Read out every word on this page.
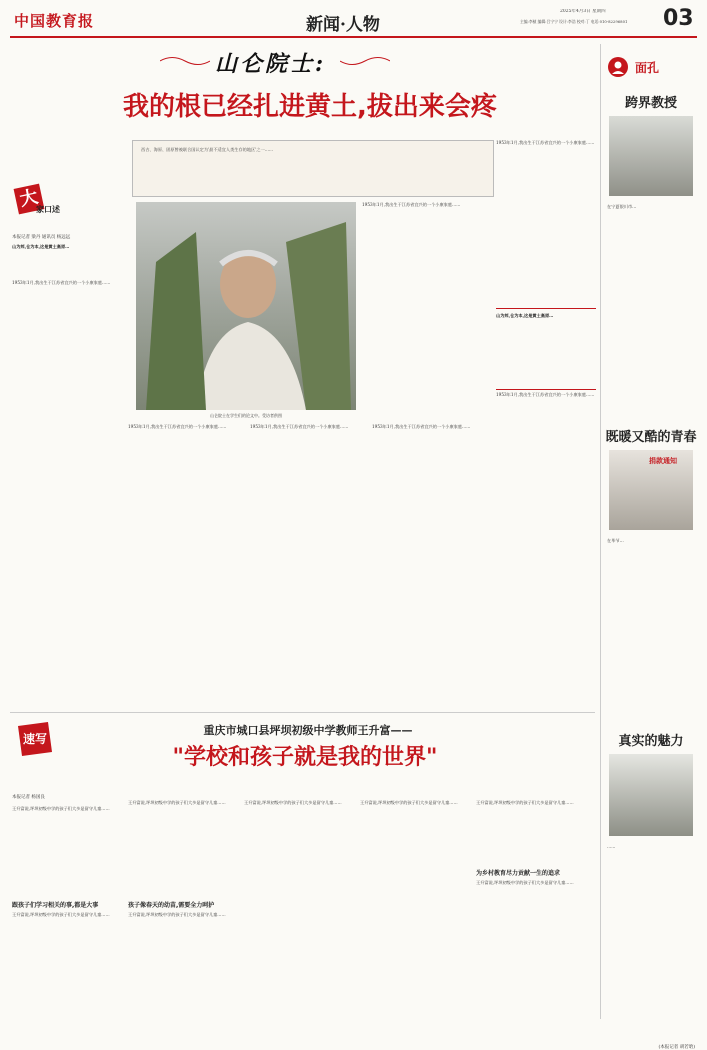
中国教育报	新闻·人物
2025年4月3日 星期四
主编:李桢 编辑:吕宁宁 设计:李浩 校对:丁 电话:010-82296801	03
山仑院士:
我的根已经扎进黄土,拔出来会疼
大
家口述
本报记者 梁丹 通讯员 杨远远
山为邦,仓为本,这是黄土高原…
1953年1月,我出生于江苏省宜兴的一个小康家庭……
西吉、海原、固原曾被联合国认定为'最不适宜人类生存的地区'之一……
山仑院士在学生们的论文中。受访者供图
1953年1月,我出生于江苏省宜兴的一个小康家庭……
1953年1月,我出生于江苏省宜兴的一个小康家庭……
山为邦,仓为本,这是黄土高原…
1953年1月,我出生于江苏省宜兴的一个小康家庭……
1953年1月,我出生于江苏省宜兴的一个小康家庭……	1953年1月,我出生于江苏省宜兴的一个小康家庭……	1953年1月,我出生于江苏省宜兴的一个小康家庭……
面孔
跨界教授
在宁夏银川市…
既暖又酷的青春
捐款通知
在毕节…
真实的魅力
……
(本报记者 胡若晗)
速写
重庆市城口县坪坝初级中学教师王升富——
"学校和孩子就是我的世界"
本报记者 杨国良
王升富说,坪坝初级中学的孩子们大多是留守儿童……
跟孩子们学习相关的事,都是大事
王升富说,坪坝初级中学的孩子们大多是留守儿童……
王升富说,坪坝初级中学的孩子们大多是留守儿童……
孩子像春天的幼苗,需要全力呵护
王升富说,坪坝初级中学的孩子们大多是留守儿童……
王升富说,坪坝初级中学的孩子们大多是留守儿童……	王升富说,坪坝初级中学的孩子们大多是留守儿童……	王升富说,坪坝初级中学的孩子们大多是留守儿童……
为乡村教育尽力贡献一生的追求
王升富说,坪坝初级中学的孩子们大多是留守儿童……
